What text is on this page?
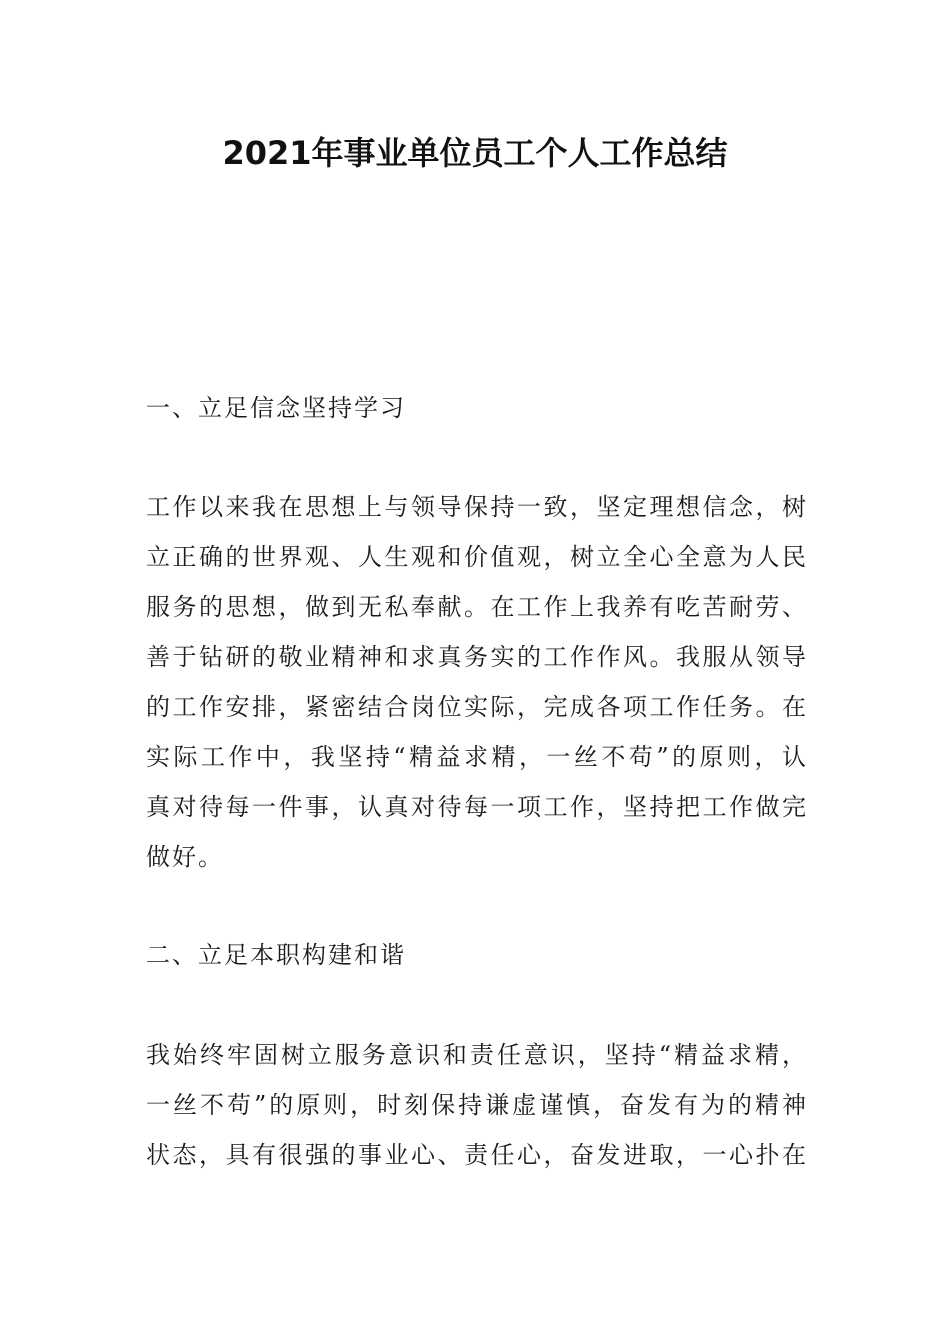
2021年事业单位员工个人工作总结
一、立足信念坚持学习
工作以来我在思想上与领导保持一致，坚定理想信念，树
立正确的世界观、人生观和价值观，树立全心全意为人民
服务的思想，做到无私奉献。在工作上我养有吃苦耐劳、
善于钻研的敬业精神和求真务实的工作作风。我服从领导
的工作安排，紧密结合岗位实际，完成各项工作任务。在
实际工作中，我坚持“精益求精，一丝不苟”的原则，认
真对待每一件事，认真对待每一项工作，坚持把工作做完
做好。
二、立足本职构建和谐
我始终牢固树立服务意识和责任意识，坚持“精益求精，
一丝不苟”的原则，时刻保持谦虚谨慎，奋发有为的精神
状态，具有很强的事业心、责任心，奋发进取，一心扑在
